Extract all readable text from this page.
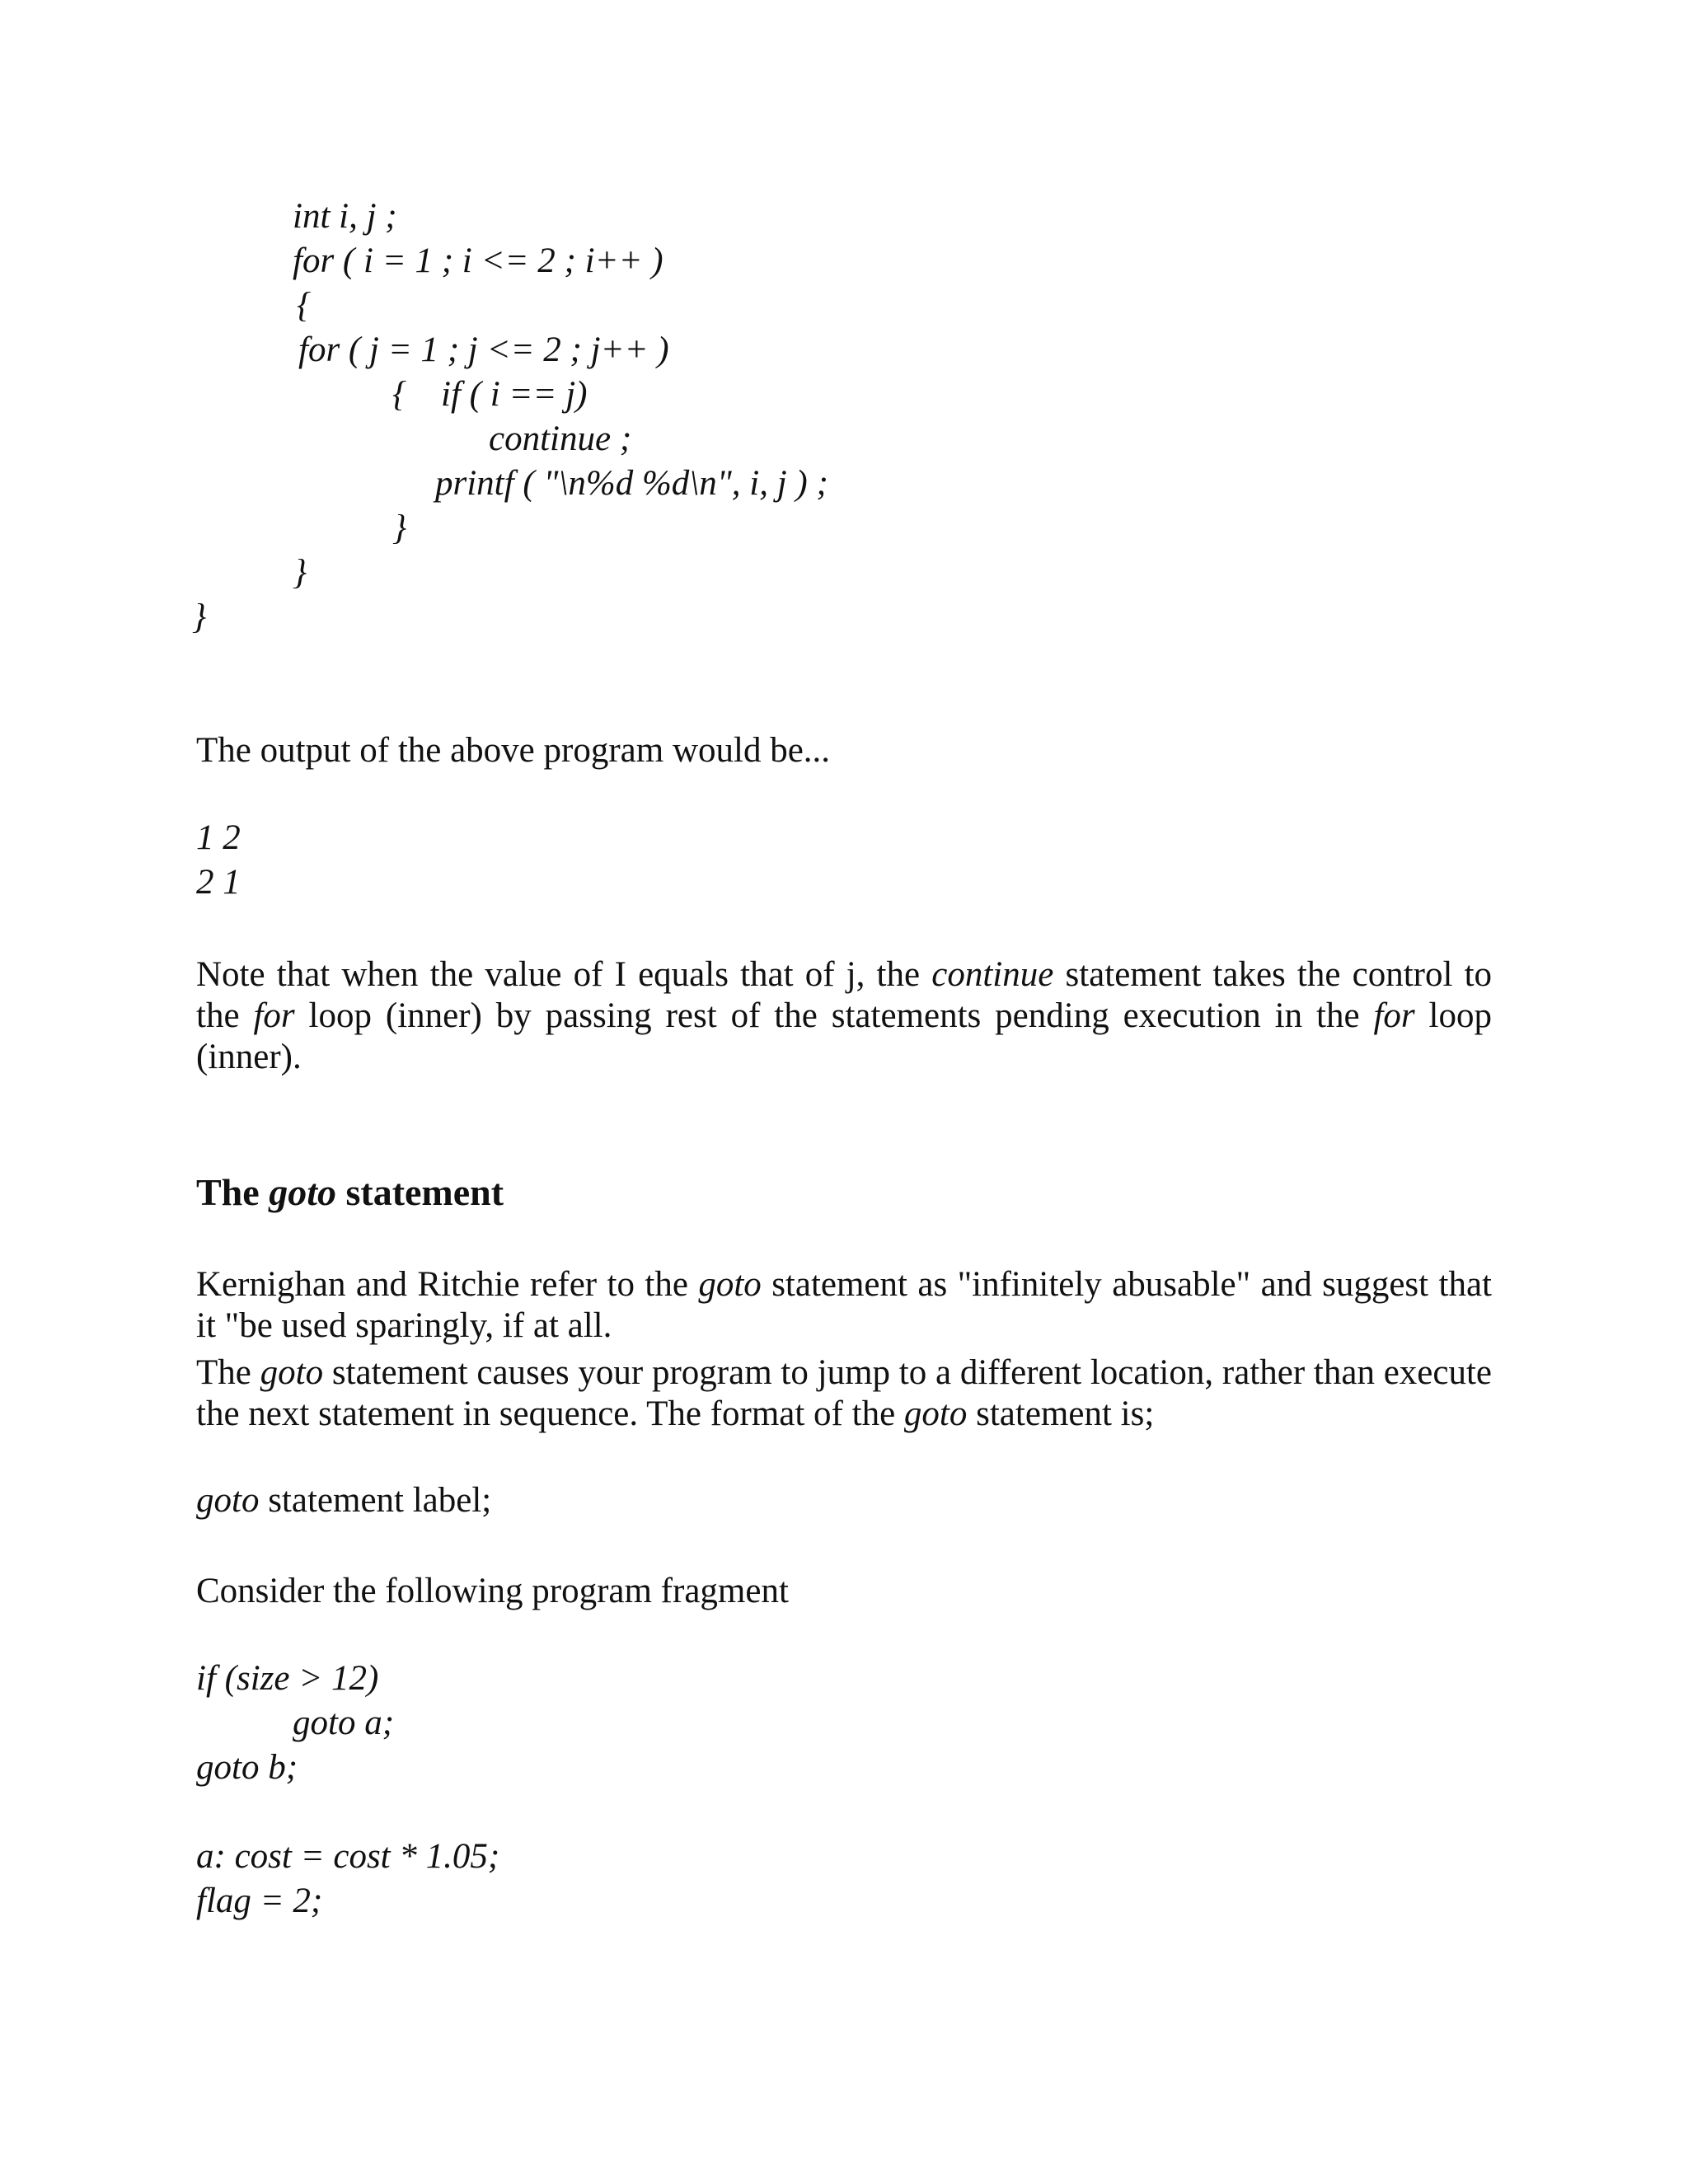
int i, j ;
for ( i = 1 ; i <= 2 ; i++ )
{
for ( j = 1 ; j <= 2 ; j++ )
{ if ( i == j)
continue ;
printf ( "\n%d %d\n", i, j ) ;
}
}
}
The output of the above program would be...
1 2
2 1
Note that when the value of I equals that of j, the continue statement takes the control to the for loop (inner) by passing rest of the statements pending execution in the for loop (inner).
The goto statement
Kernighan and Ritchie refer to the goto statement as "infinitely abusable" and suggest that it "be used sparingly, if at all.
The goto statement causes your program to jump to a different location, rather than execute the next statement in sequence. The format of the goto statement is;
goto statement label;
Consider the following program fragment
if (size > 12)
goto a;
goto b;
a: cost = cost * 1.05;
flag = 2;
